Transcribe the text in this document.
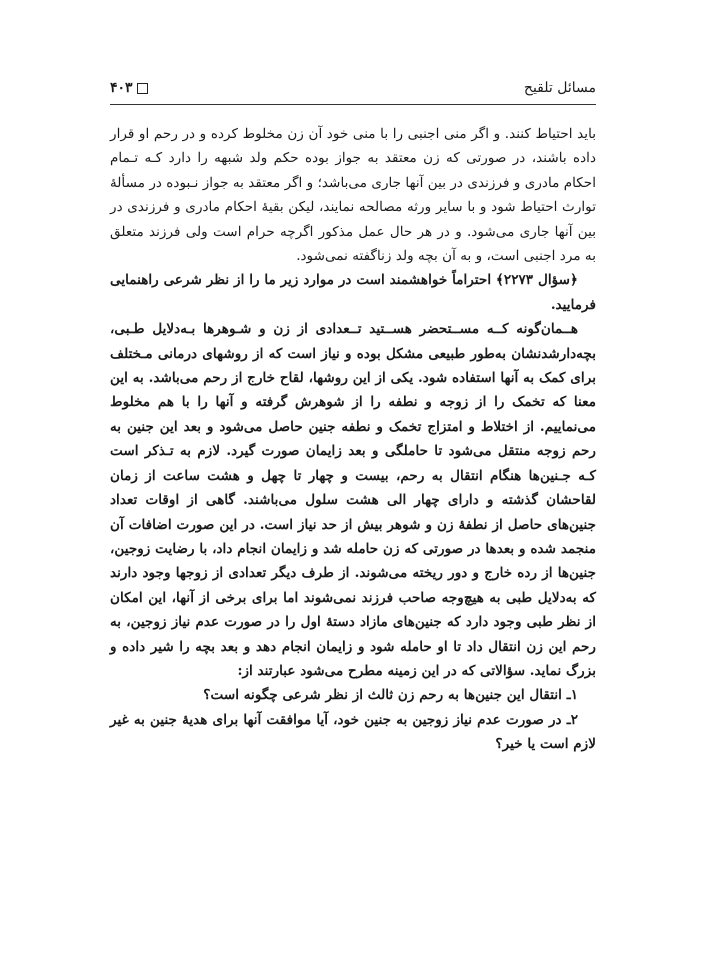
مسائل تلقیح
۴۰۳

باید احتیاط کنند. و اگر منی اجنبی را با منی خود آن زن مخلوط کرده و در رحم او قرار داده باشند، در صورتی که زن معتقد به جواز بوده حکم ولد شبهه را دارد کـه تـمام احکام مادری و فرزندی در بین آنها جاری می‌باشد؛ و اگر معتقد به جواز نـبوده در مسألهٔ توارث احتیاط شود و با سایر ورثه مصالحه نمایند، لیکن بقیهٔ احکام مادری و فرزندی در بین آنها جاری می‌شود. و در هر حال عمل مذکور اگرچه حرام است ولی فرزند متعلق به مرد اجنبی است، و به آن بچه ولد زناگفته نمی‌شود.

﴿سؤال ۲۲۷۳﴾ احتراماً خواهشمند است در موارد زیر ما را از نظر شرعی راهنمایی فرمایید.

هــمان‌گونه کــه مســتحضر هســتید تــعدادی از زن و شـوهرها بـه‌دلایل طـبی، بچه‌دارشدنشان به‌طور طبیعی مشکل بوده و نیاز است که از روشهای درمانی مـختلف برای کمک به آنها استفاده شود. یکی از این روشها، لقاح خارج از رحم می‌باشد. به این معنا که تخمک را از زوجه و نطفه را از شوهرش گرفته و آنها را با هم مخلوط می‌نماییم. از اختلاط و امتزاج تخمک و نطفه جنین حاصل می‌شود و بعد این جنین به رحم زوجه منتقل می‌شود تا حاملگی و بعد زایمان صورت گیرد. لازم به تـذکر است کـه جـنین‌ها هنگام انتقال به رحم، بیست و چهار تا چهل و هشت ساعت از زمان لقاحشان گذشته و دارای چهار الی هشت سلول می‌باشند. گاهی از اوقات تعداد جنین‌های حاصل از نطفهٔ زن و شوهر بیش از حد نیاز است. در این صورت اضافات آن منجمد شده و بعدها در صورتی که زن حامله شد و زایمان انجام داد، با رضایت زوجین، جنین‌ها از رده خارج و دور ریخته می‌شوند. از طرف دیگر تعدادی از زوجها وجود دارند که به‌دلایل طبی به هیچ‌وجه صاحب فرزند نمی‌شوند اما برای برخی از آنها، این امکان از نظر طبی وجود دارد که جنین‌های مازاد دستهٔ اول را در صورت عدم نیاز زوجین، به رحم این زن انتقال داد تا او حامله شود و زایمان انجام دهد و بعد بچه را شیر داده و بزرگ نماید. سؤالاتی که در این زمینه مطرح می‌شود عبارتند از:

۱ـ انتقال این جنین‌ها به رحم زن ثالث از نظر شرعی چگونه است؟

۲ـ در صورت عدم نیاز زوجین به جنین خود، آیا موافقت آنها برای هدیهٔ جنین به غیر لازم است یا خیر؟
